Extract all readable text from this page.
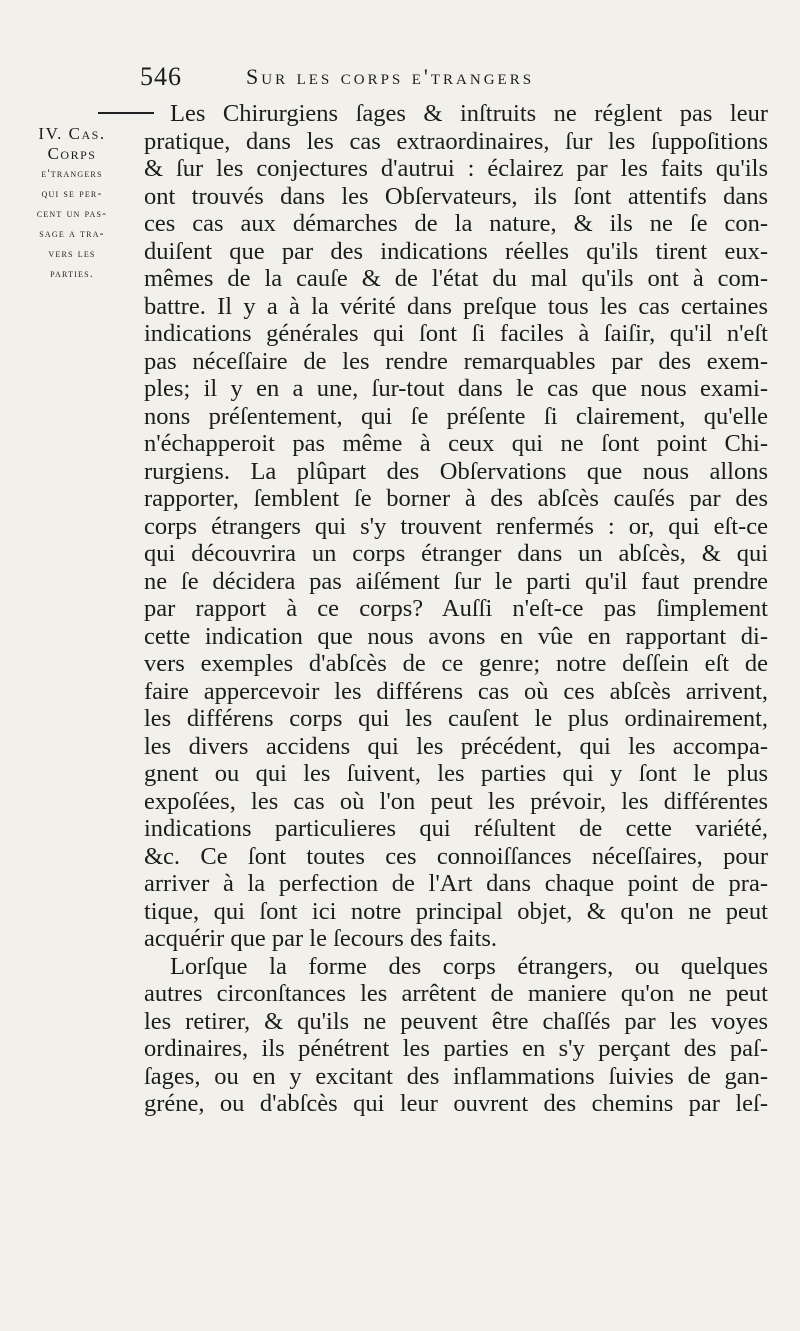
546	Sur les corps e'trangers
IV. Cas.
Corps
e'trangers
qui se per-
cent un pas-
sage a tra-
vers les
parties.
Les Chirurgiens ſages & inſtruits ne réglent pas leur
pratique, dans les cas extraordinaires, ſur les ſuppoſitions
& ſur les conjectures d'autrui : éclairez par les faits qu'ils
ont trouvés dans les Obſervateurs, ils ſont attentifs dans
ces cas aux démarches de la nature, & ils ne ſe con-
duiſent que par des indications réelles qu'ils tirent eux-
mêmes de la cauſe & de l'état du mal qu'ils ont à com-
battre. Il y a à la vérité dans preſque tous les cas certaines
indications générales qui ſont ſi faciles à ſaiſir, qu'il n'eſt
pas néceſſaire de les rendre remarquables par des exem-
ples; il y en a une, ſur-tout dans le cas que nous exami-
nons préſentement, qui ſe préſente ſi clairement, qu'elle
n'échapperoit pas même à ceux qui ne ſont point Chi-
rurgiens. La plûpart des Obſervations que nous allons
rapporter, ſemblent ſe borner à des abſcès cauſés par des
corps étrangers qui s'y trouvent renfermés : or, qui eſt-ce
qui découvrira un corps étranger dans un abſcès, & qui
ne ſe décidera pas aiſément ſur le parti qu'il faut prendre
par rapport à ce corps? Auſſi n'eſt-ce pas ſimplement
cette indication que nous avons en vûe en rapportant di-
vers exemples d'abſcès de ce genre; notre deſſein eſt de
faire appercevoir les différens cas où ces abſcès arrivent,
les différens corps qui les cauſent le plus ordinairement,
les divers accidens qui les précédent, qui les accompa-
gnent ou qui les ſuivent, les parties qui y ſont le plus
expoſées, les cas où l'on peut les prévoir, les différentes
indications particulieres qui réſultent de cette variété,
&c. Ce ſont toutes ces connoiſſances néceſſaires, pour
arriver à la perfection de l'Art dans chaque point de pra-
tique, qui ſont ici notre principal objet, & qu'on ne peut
acquérir que par le ſecours des faits.
Lorſque la forme des corps étrangers, ou quelques
autres circonſtances les arrêtent de maniere qu'on ne peut
les retirer, & qu'ils ne peuvent être chaſſés par les voyes
ordinaires, ils pénétrent les parties en s'y perçant des paſ-
ſages, ou en y excitant des inflammations ſuivies de gan-
gréne, ou d'abſcès qui leur ouvrent des chemins par leſ-
